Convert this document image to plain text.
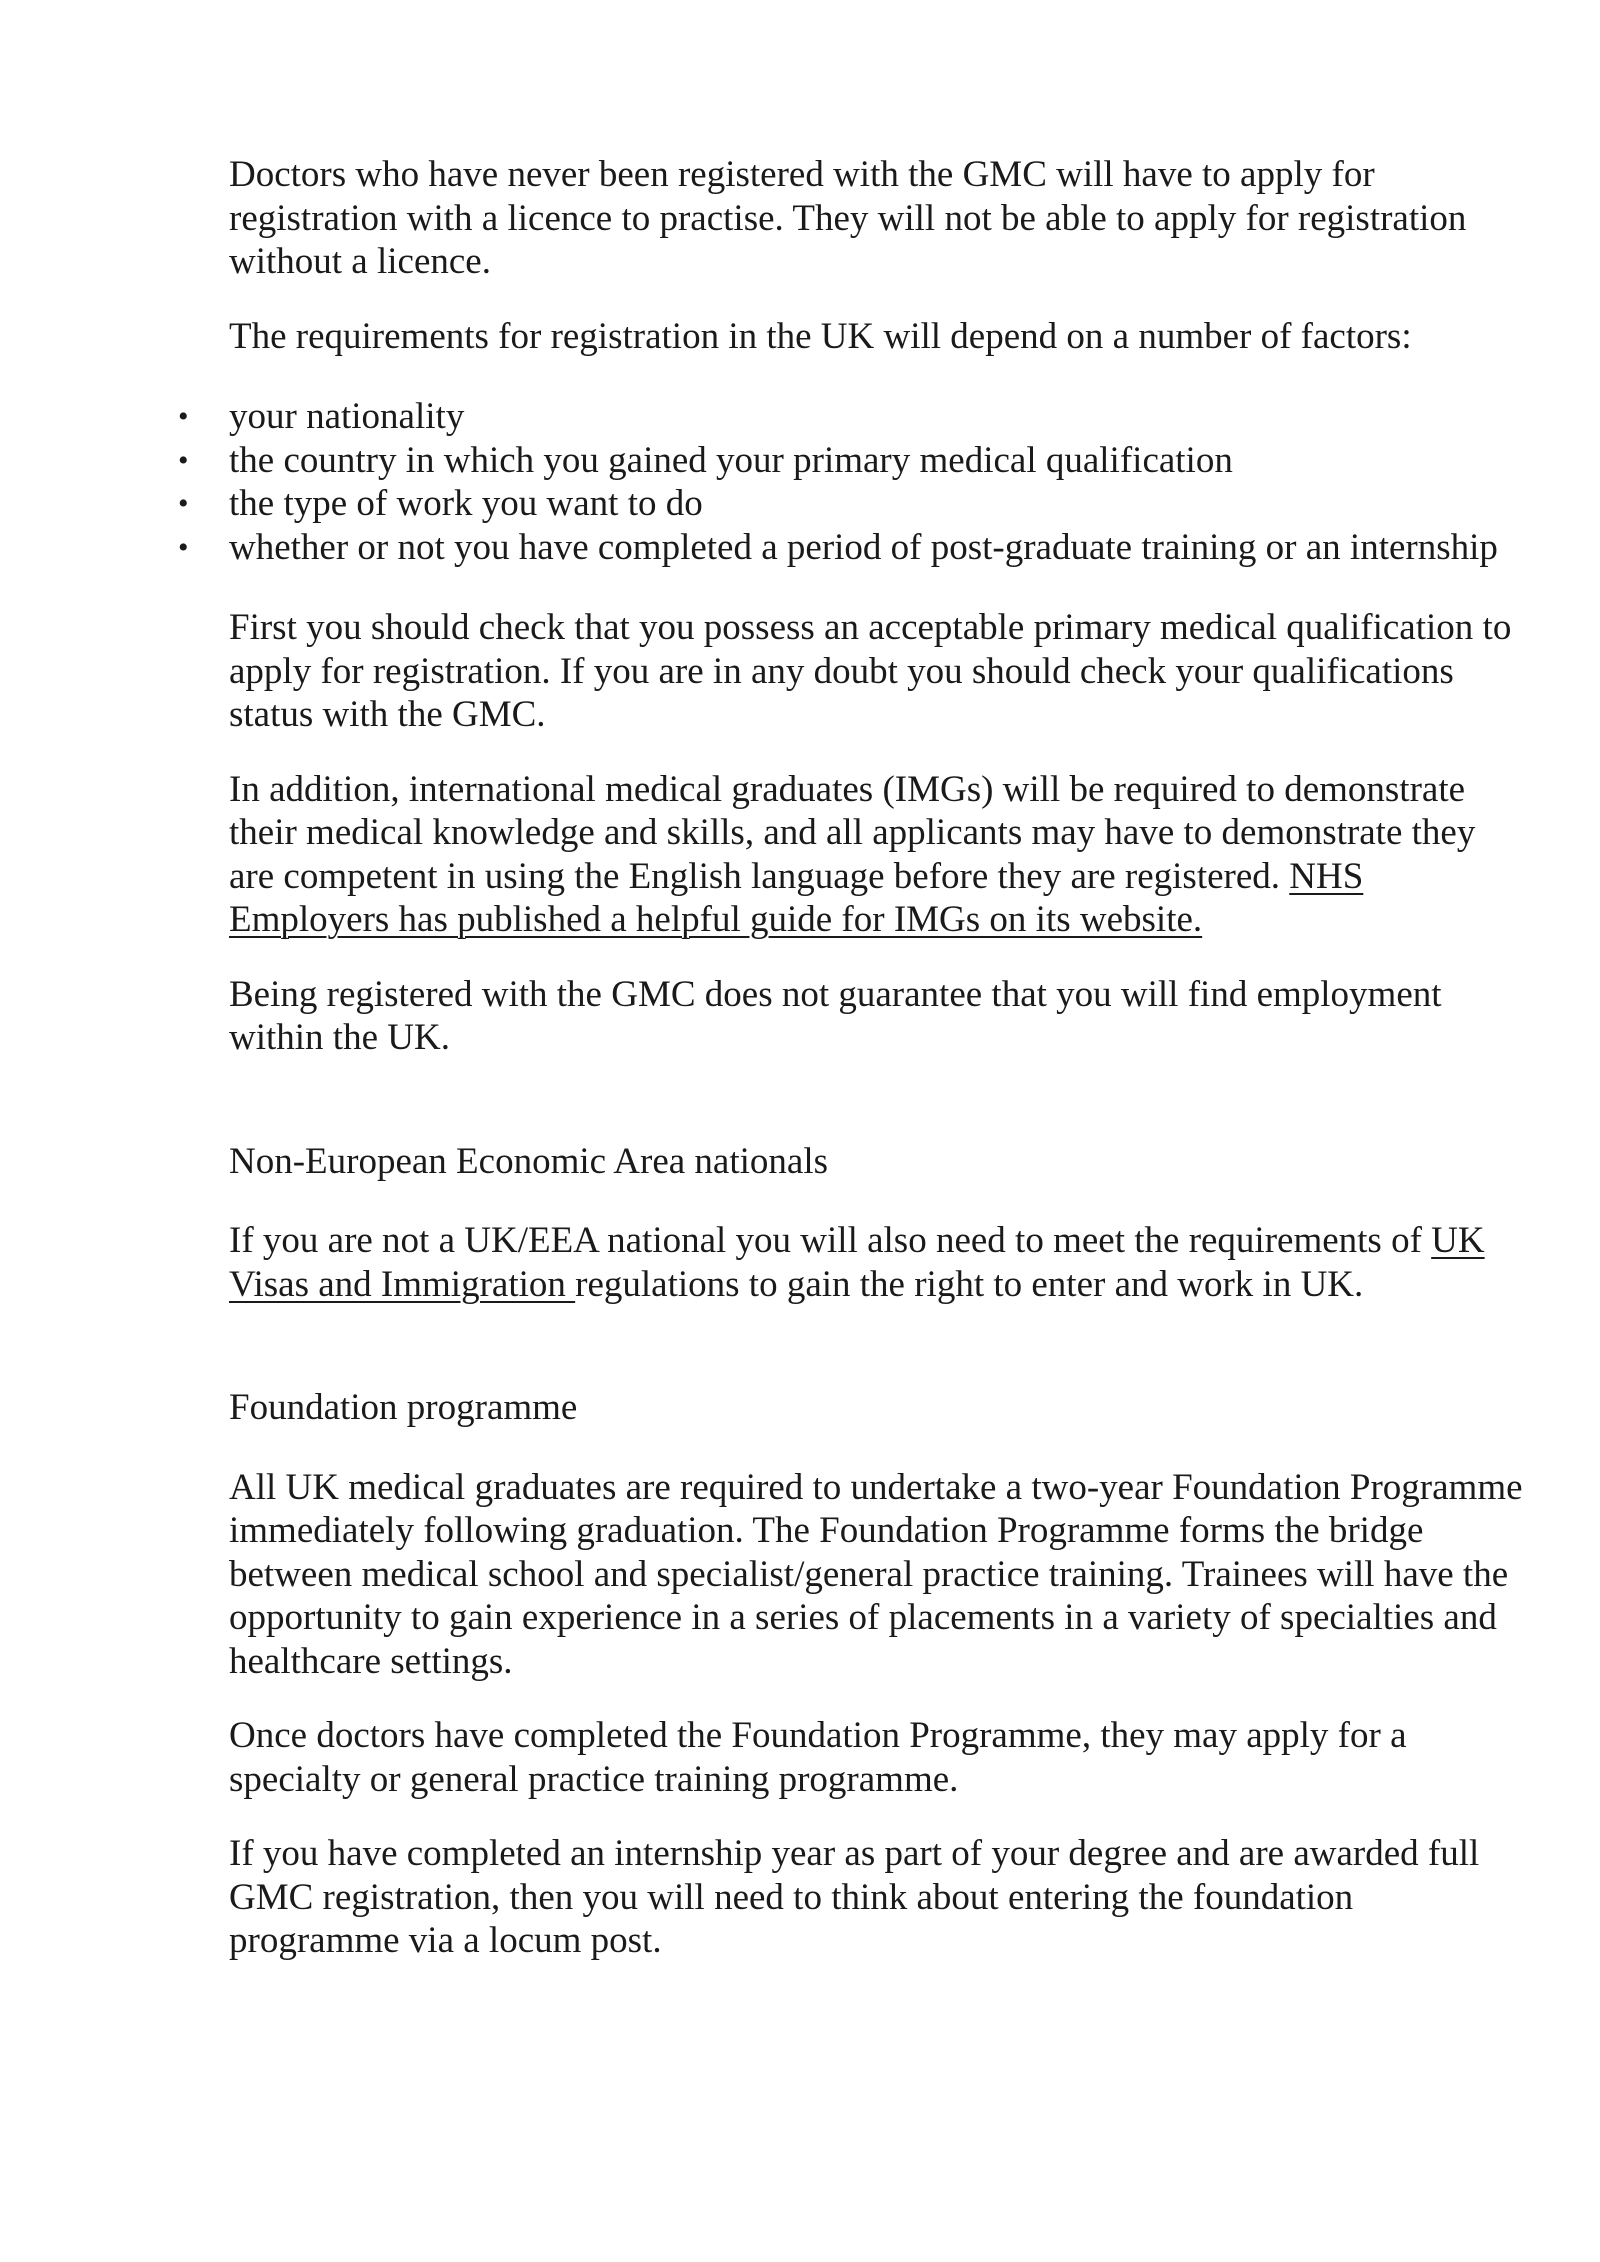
Doctors who have never been registered with the GMC will have to apply for registration with a licence to practise. They will not be able to apply for registration without a licence.

The requirements for registration in the UK will depend on a number of factors:

• your nationality
• the country in which you gained your primary medical qualification
• the type of work you want to do
• whether or not you have completed a period of post-graduate training or an internship

First you should check that you possess an acceptable primary medical qualification to apply for registration. If you are in any doubt you should check your qualifications status with the GMC.

In addition, international medical graduates (IMGs) will be required to demonstrate their medical knowledge and skills, and all applicants may have to demonstrate they are competent in using the English language before they are registered. NHS Employers has published a helpful guide for IMGs on its website.

Being registered with the GMC does not guarantee that you will find employment within the UK.

Non-European Economic Area nationals

If you are not a UK/EEA national you will also need to meet the requirements of UK Visas and Immigration regulations to gain the right to enter and work in UK.

Foundation programme

All UK medical graduates are required to undertake a two-year Foundation Programme immediately following graduation. The Foundation Programme forms the bridge between medical school and specialist/general practice training. Trainees will have the opportunity to gain experience in a series of placements in a variety of specialties and healthcare settings.

Once doctors have completed the Foundation Programme, they may apply for a specialty or general practice training programme.

If you have completed an internship year as part of your degree and are awarded full GMC registration, then you will need to think about entering the foundation programme via a locum post.
